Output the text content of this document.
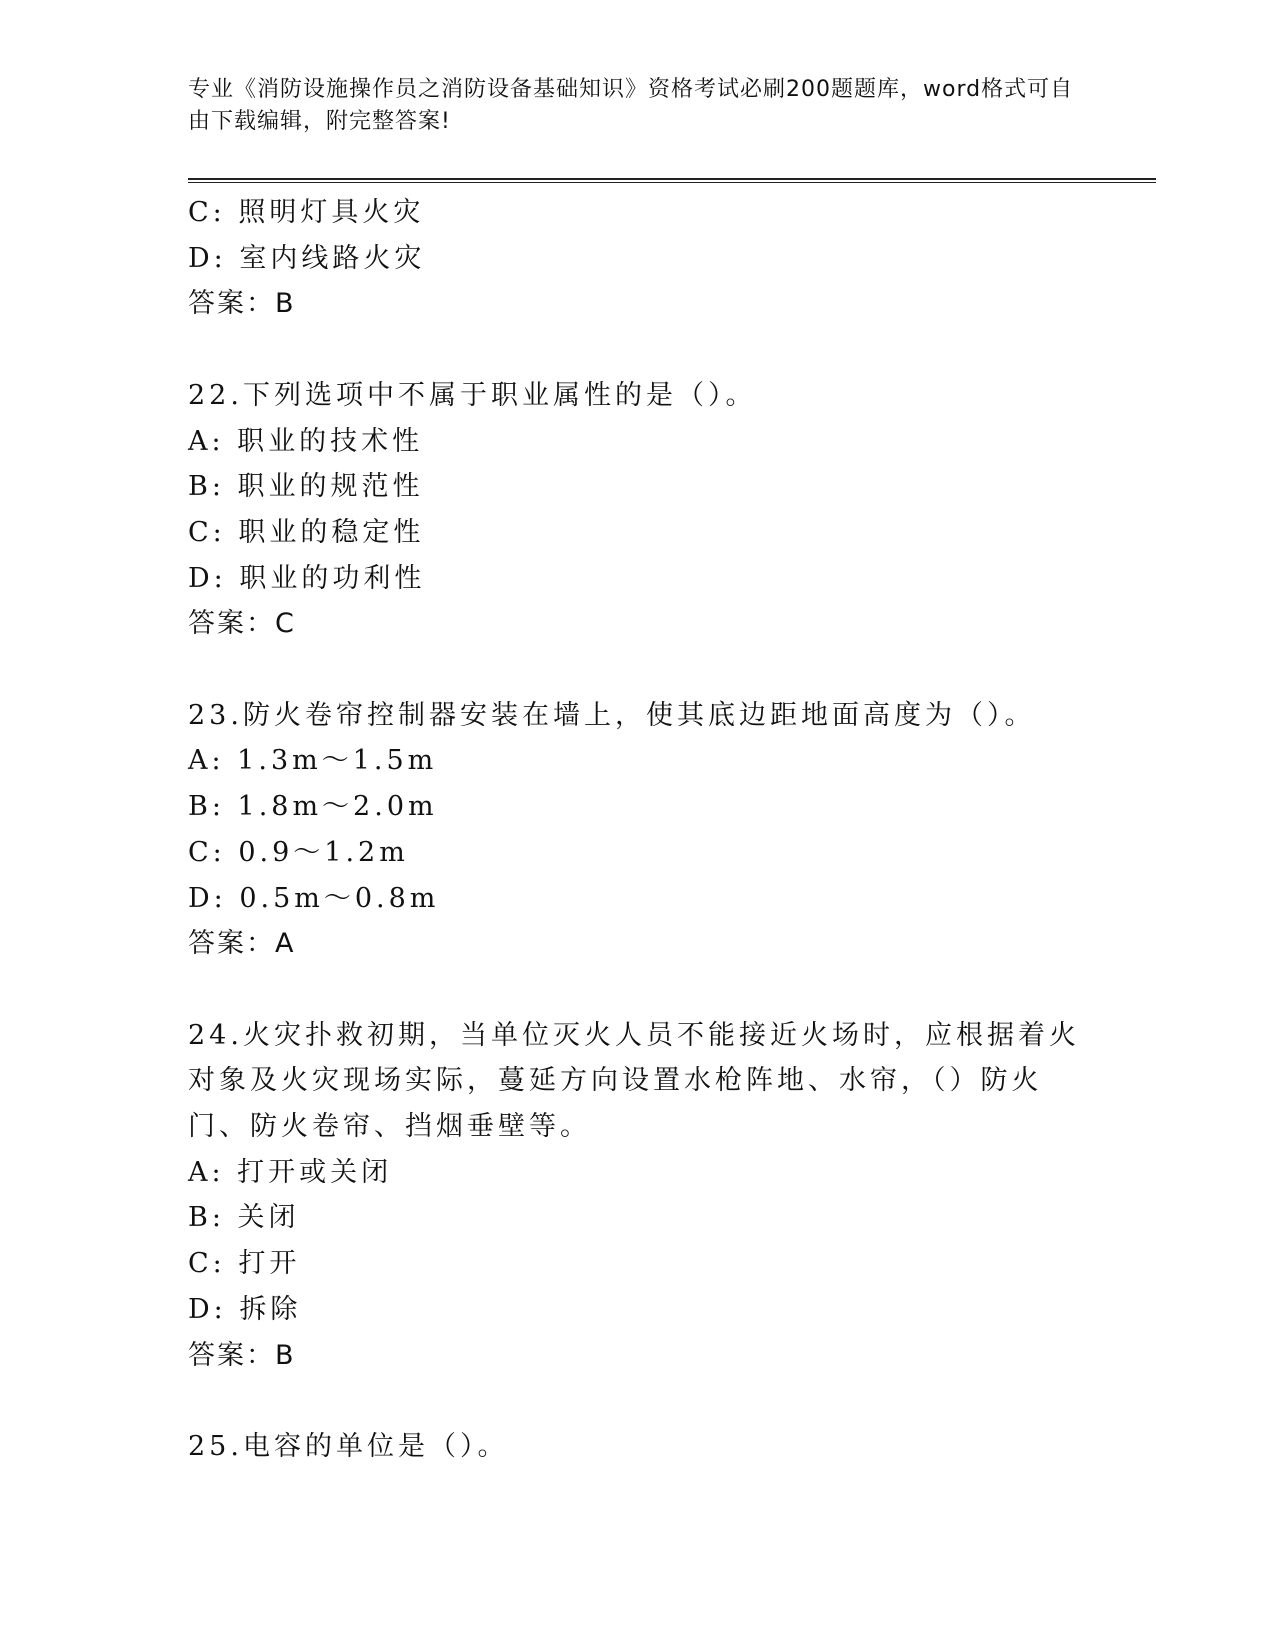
专业《消防设施操作员之消防设备基础知识》资格考试必刷200题题库，word格式可自由下载编辑，附完整答案!
C: 照明灯具火灾
D: 室内线路火灾
答案：B
22.下列选项中不属于职业属性的是（）。
A: 职业的技术性
B: 职业的规范性
C: 职业的稳定性
D: 职业的功利性
答案：C
23.防火卷帘控制器安装在墙上，使其底边距地面高度为（）。
A: 1.3m～1.5m
B: 1.8m～2.0m
C: 0.9～1.2m
D: 0.5m～0.8m
答案：A
24.火灾扑救初期，当单位灭火人员不能接近火场时，应根据着火对象及火灾现场实际，蔓延方向设置水枪阵地、水帘，（）防火门、防火卷帘、挡烟垂壁等。
A: 打开或关闭
B: 关闭
C: 打开
D: 拆除
答案：B
25.电容的单位是（）。
